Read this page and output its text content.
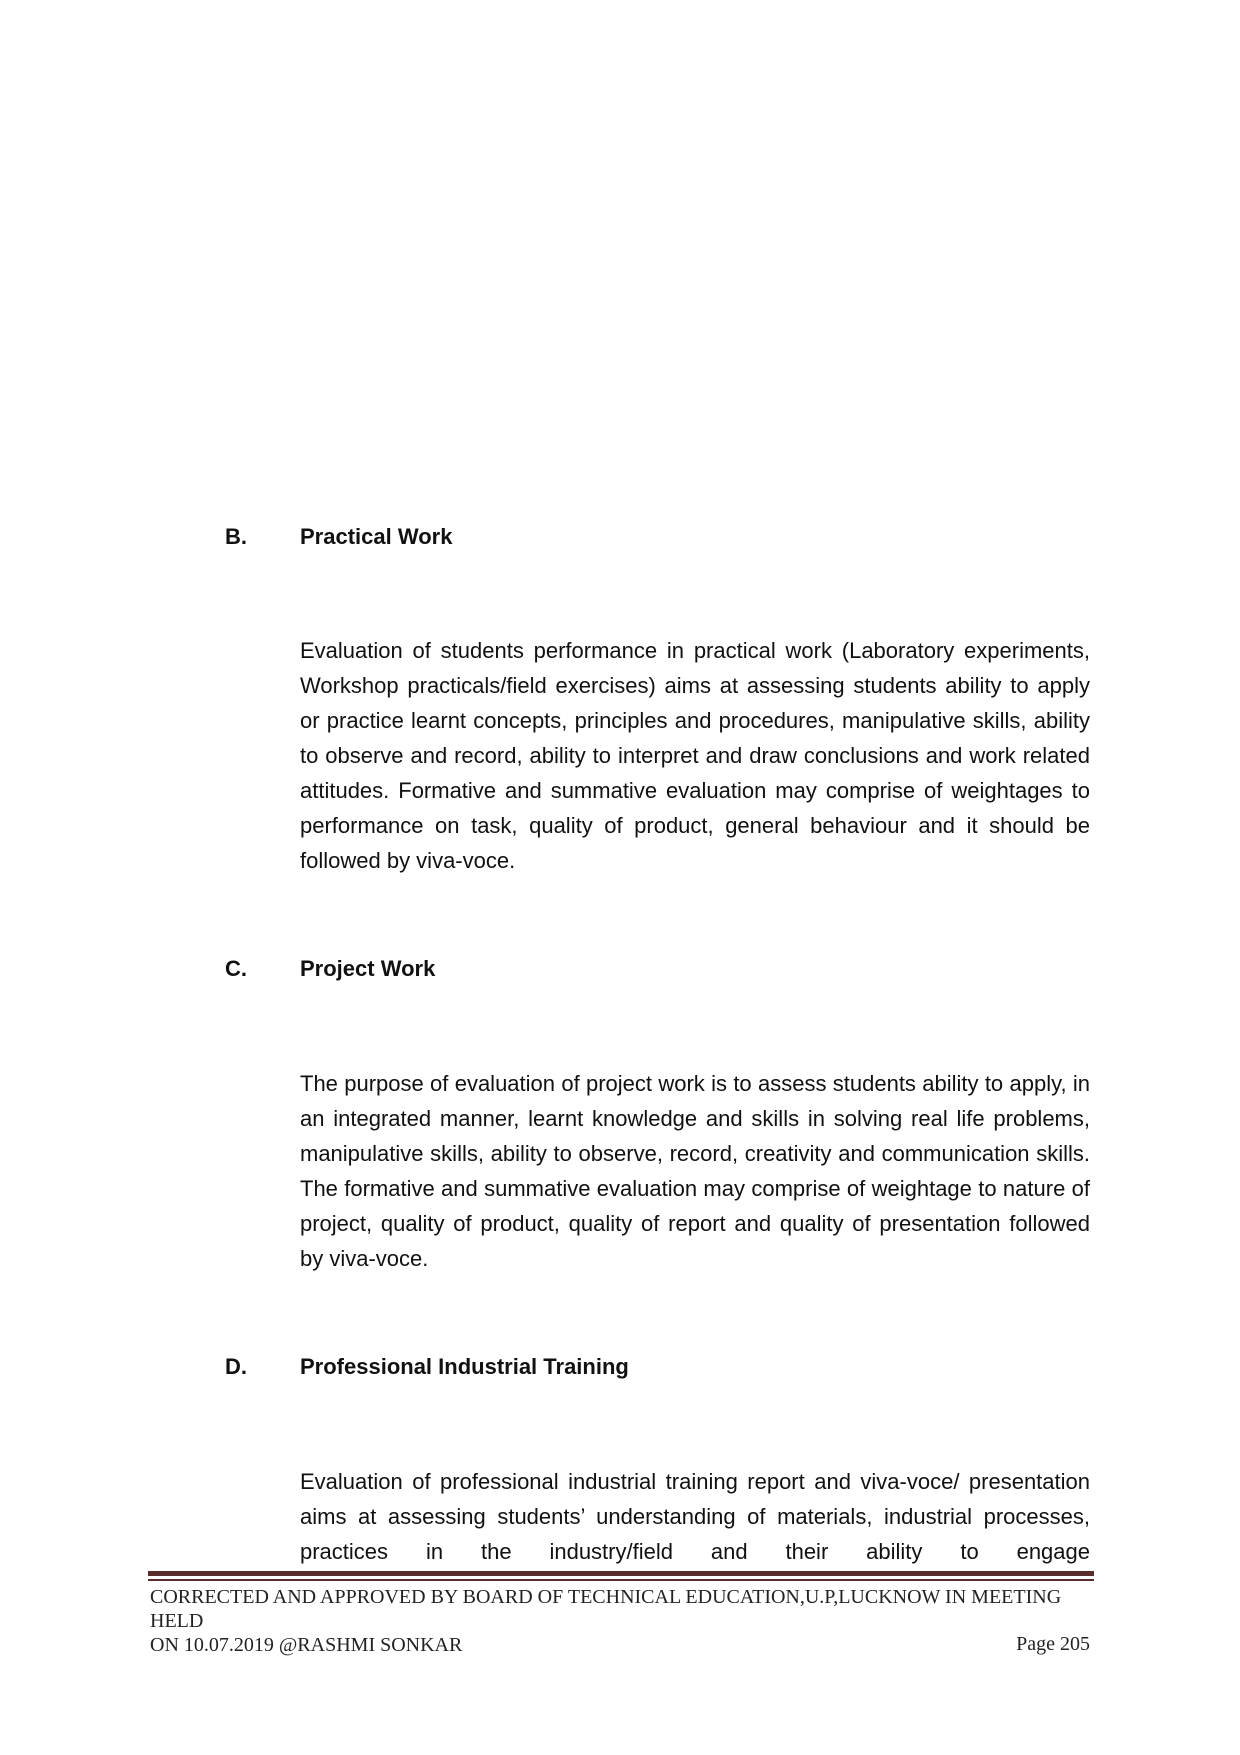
B. Practical Work

Evaluation of students performance in practical work (Laboratory experiments, Workshop practicals/field exercises) aims at assessing students ability to apply or practice learnt concepts, principles and procedures, manipulative skills, ability to observe and record, ability to interpret and draw conclusions and work related attitudes. Formative and summative evaluation may comprise of weightages to performance on task, quality of product, general behaviour and it should be followed by viva-voce.

C. Project Work

The purpose of evaluation of project work is to assess students ability to apply, in an integrated manner, learnt knowledge and skills in solving real life problems, manipulative skills, ability to observe, record, creativity and communication skills. The formative and summative evaluation may comprise of weightage to nature of project, quality of product, quality of report and quality of presentation followed by viva-voce.

D. Professional Industrial Training

Evaluation of professional industrial training report and viva-voce/ presentation aims at assessing students’ understanding of materials, industrial processes, practices in the industry/field and their ability to engage

CORRECTED AND APPROVED BY BOARD OF TECHNICAL EDUCATION,U.P,LUCKNOW IN MEETING HELD
ON 10.07.2019 @RASHMI SONKAR	Page 205
